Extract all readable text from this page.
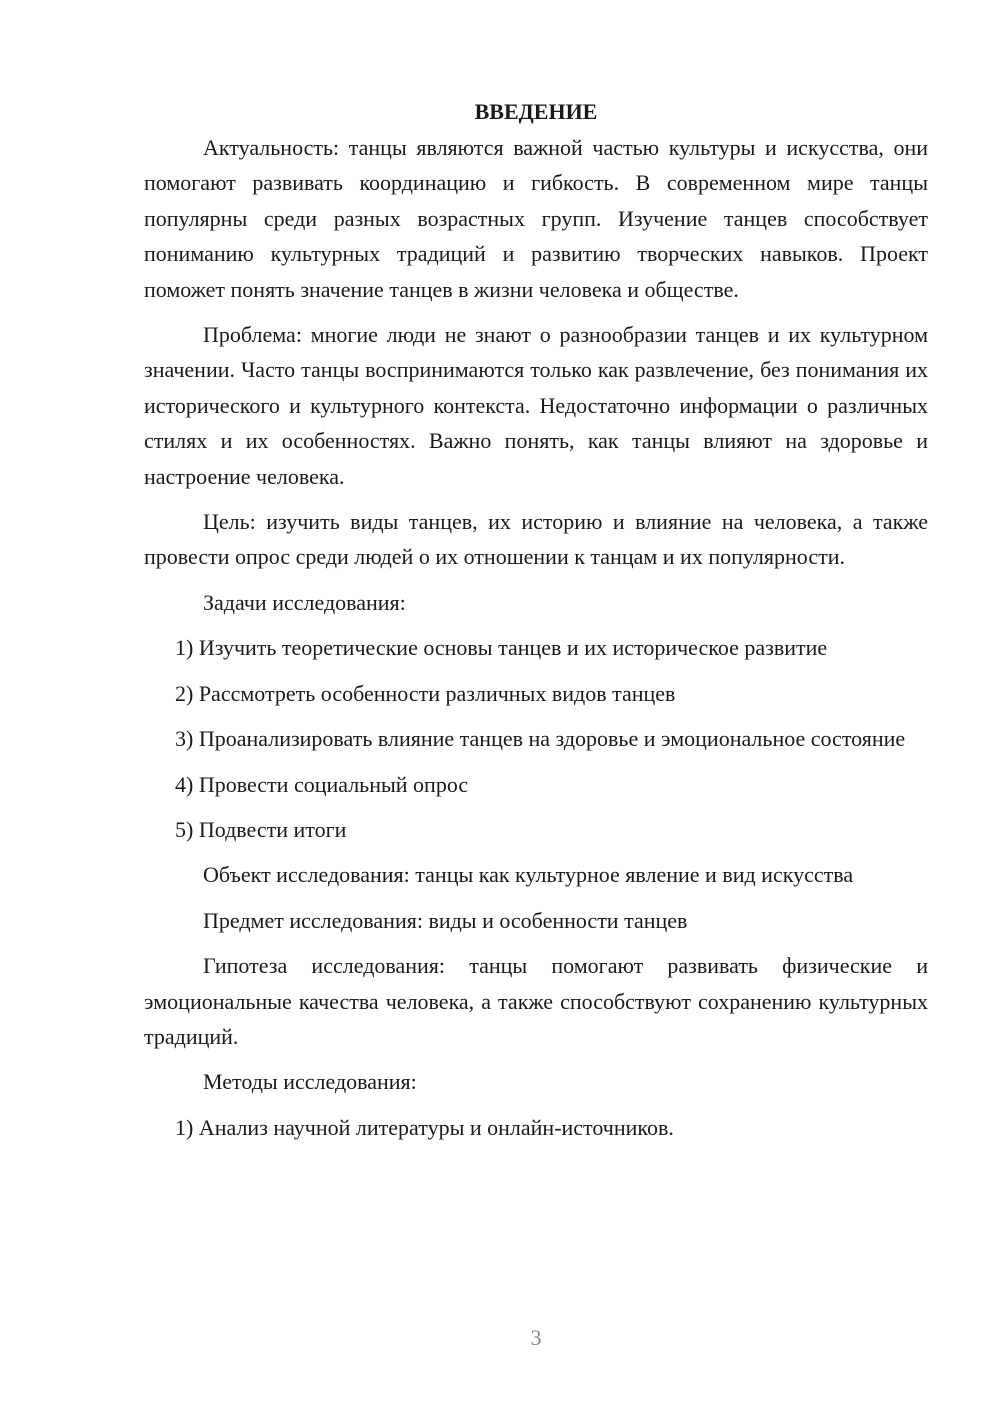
ВВЕДЕНИЕ

Актуальность: танцы являются важной частью культуры и искусства, они помогают развивать координацию и гибкость. В современном мире танцы популярны среди разных возрастных групп. Изучение танцев способствует пониманию культурных традиций и развитию творческих навыков. Проект поможет понять значение танцев в жизни человека и обществе.

Проблема: многие люди не знают о разнообразии танцев и их культурном значении. Часто танцы воспринимаются только как развлечение, без понимания их исторического и культурного контекста. Недостаточно информации о различных стилях и их особенностях. Важно понять, как танцы влияют на здоровье и настроение человека.

Цель: изучить виды танцев, их историю и влияние на человека, а также провести опрос среди людей о их отношении к танцам и их популярности.

Задачи исследования:

1) Изучить теоретические основы танцев и их историческое развитие

2) Рассмотреть особенности различных видов танцев

3) Проанализировать влияние танцев на здоровье и эмоциональное состояние

4) Провести социальный опрос

5) Подвести итоги

Объект исследования: танцы как культурное явление и вид искусства

Предмет исследования: виды и особенности танцев

Гипотеза исследования: танцы помогают развивать физические и эмоциональные качества человека, а также способствуют сохранению культурных традиций.

Методы исследования:

1) Анализ научной литературы и онлайн-источников.

3
